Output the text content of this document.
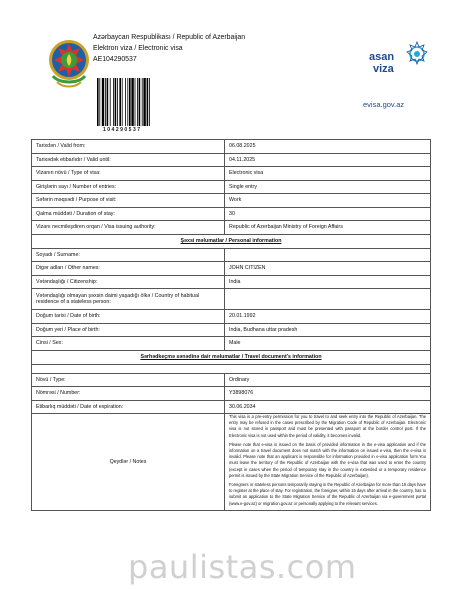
Azərbaycan Respublikası / Republic of Azerbaijan
Elektron viza / Electronic visa
AE104290537
104290537
asan
viza
evisa.gov.az
Tarixdən / Valid from:	06.08.2025
Tarixədək etibarlıdır / Valid until:	04.11.2025
Vizanın növü / Type of visa:	Electronic visa
Girişlərin sayı / Number of entries:	Single entry
Səfərin məqsədi / Purpose of visit:	Work
Qalma müddəti / Duration of stay:	30
Vizanı necmileşdiren orqan / Visa issuing authority:	Republic of Azerbaijan Ministry of Foreign Affairs
Şəxsi məlumatlar / Personal information	
Soyadı / Surname:	
Digər adları / Other names:	JOHN CITIZEN
Vətəndaşlığı / Citizenship:	India
Vətəndaşlığı olmayan şəxsin daimi yaşadığı ölkə / Country of habitual residence of a stateless person:	
Doğum tarixi / Date of birth:	20.01.1992
Doğum yeri / Place of birth:	India, Budhana uttar pradesh
Cinsi / Sex:	Male
Sərhədkeçmə sənədinə dair məlumatlar / Travel document's information	

Növü / Type:	Ordinary
Nömrəsi / Number:	Y3898076
Etibarlıq müddəti / Date of expiration:	30.06.2034
Qeydlər / Notes	This visa is a pre-entry permission for you to travel to and seek entry into the Republic of Azerbaijan. The entry may be refused in the cases prescribed by the Migration Code of Republic of Azerbaijan. Electronic visa is not stored in passport and must be presented with passport at the border control post. If the Electronic visa is not used within the period of validity, it becomes invalid.

Please note that e-visa is issued on the basis of provided information in the e-visa application and if the information on a travel document does not match with the information on issued e-visa, then the e-visa is invalid. Please note that an applicant is responsible for information provided in e-visa application form.You must leave the territory of the Republic of Azerbaijan with the e-visa that was used to enter the country (except in cases when the period of temporary stay in the country is extended or a temporary residence permit is issued by the State Migration Service of the Republic of Azerbaijan).

Foreigners or stateless persons temporarily staying in the Republic of Azerbaijan for more than 15 days have to register at the place of stay. For registration, the foreigner, within 15 days after arrival in the country, has to submit an application to the State Migration Service of the Republic of Azerbaijan via e-government portal (www.e-gov.az) or migration.gov.az or personally applying to the relevant services.

paulistas.com
